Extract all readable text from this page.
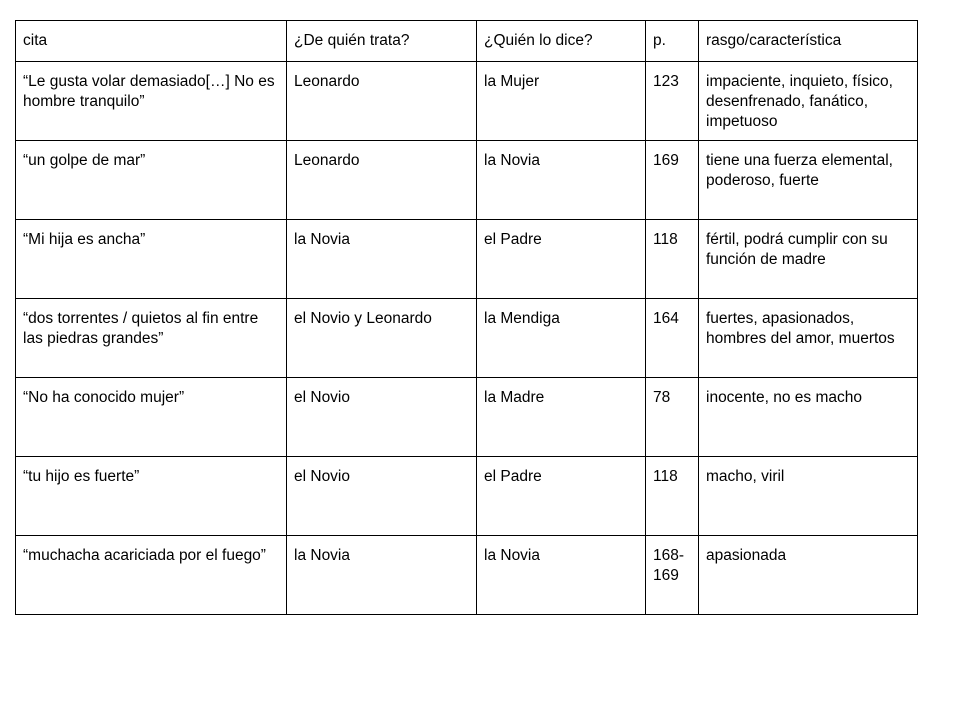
cita	¿De quién trata?	¿Quién lo dice?	p.	rasgo/característica
“Le gusta volar demasiado[…] No es hombre tranquilo”	Leonardo	la Mujer	123	impaciente, inquieto, físico, desenfrenado, fanático, impetuoso
“un golpe de mar”	Leonardo	la Novia	169	tiene una fuerza elemental, poderoso, fuerte
“Mi hija es ancha”	la Novia	el Padre	118	fértil, podrá cumplir con su función de madre
“dos torrentes / quietos al fin entre las piedras grandes”	el Novio y Leonardo	la Mendiga	164	fuertes, apasionados, hombres del amor, muertos
“No ha conocido mujer”	el Novio	la Madre	78	inocente, no es macho
“tu hijo es fuerte”	el Novio	el Padre	118	macho, viril
“muchacha acariciada por el fuego”	la Novia	la Novia	168-169	apasionada
